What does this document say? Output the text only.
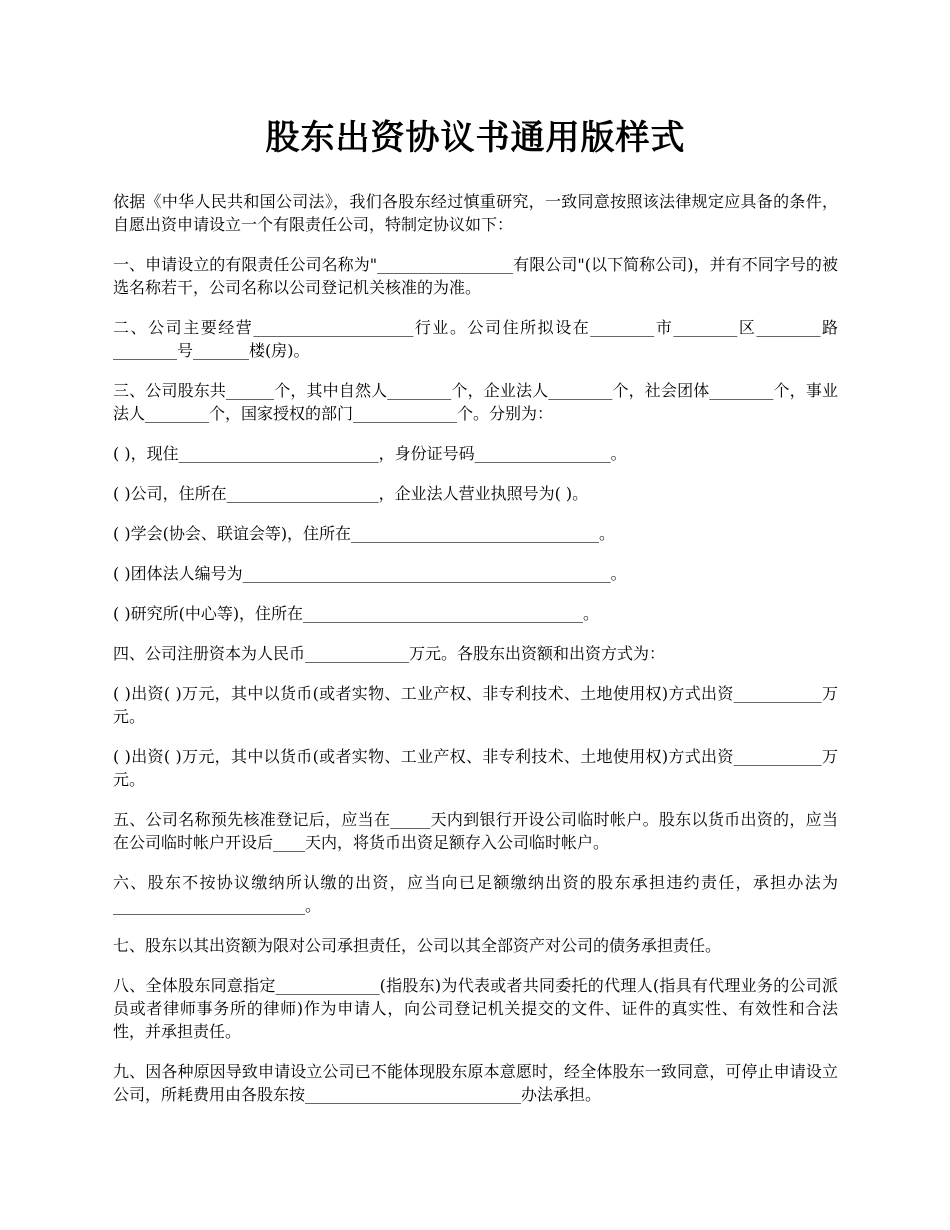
股东出资协议书通用版样式

依据《中华人民共和国公司法》，我们各股东经过慎重研究，一致同意按照该法律规定应具备的条件，自愿出资申请设立一个有限责任公司，特制定协议如下：

一、申请设立的有限责任公司名称为"_________________有限公司"(以下简称公司)，并有不同字号的被选名称若干，公司名称以公司登记机关核准的为准。

二、公司主要经营____________________行业。公司住所拟设在________市________区________路________号_______楼(房)。

三、公司股东共______个，其中自然人________个，企业法人________个，社会团体________个，事业法人________个，国家授权的部门_____________个。分别为：

( )，现住_________________________，身份证号码_________________。

( )公司，住所在___________________，企业法人营业执照号为( )。

( )学会(协会、联谊会等)，住所在_______________________________。

( )团体法人编号为______________________________________________。

( )研究所(中心等)，住所在___________________________________。

四、公司注册资本为人民币_____________万元。各股东出资额和出资方式为：

( )出资( )万元，其中以货币(或者实物、工业产权、非专利技术、土地使用权)方式出资___________万元。

( )出资( )万元，其中以货币(或者实物、工业产权、非专利技术、土地使用权)方式出资___________万元。

五、公司名称预先核准登记后，应当在_____天内到银行开设公司临时帐户。股东以货币出资的，应当在公司临时帐户开设后____天内，将货币出资足额存入公司临时帐户。

六、股东不按协议缴纳所认缴的出资，应当向已足额缴纳出资的股东承担违约责任，承担办法为________________________。

七、股东以其出资额为限对公司承担责任，公司以其全部资产对公司的债务承担责任。

八、全体股东同意指定_____________(指股东)为代表或者共同委托的代理人(指具有代理业务的公司派员或者律师事务所的律师)作为申请人，向公司登记机关提交的文件、证件的真实性、有效性和合法性，并承担责任。

九、因各种原因导致申请设立公司已不能体现股东原本意愿时，经全体股东一致同意，可停止申请设立公司，所耗费用由各股东按___________________________办法承担。
